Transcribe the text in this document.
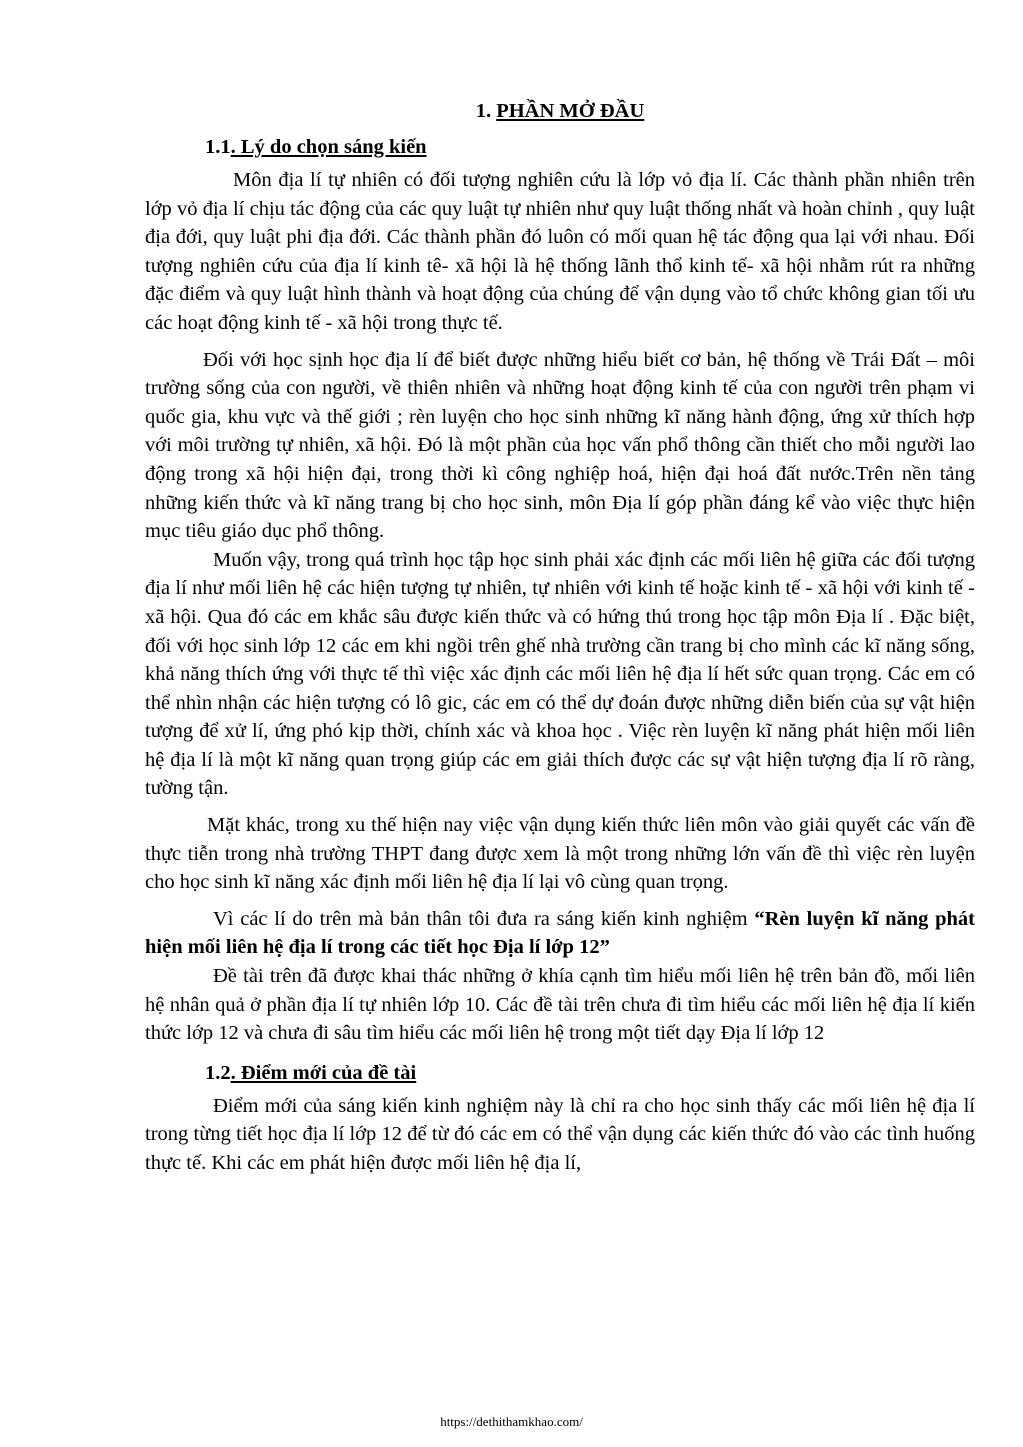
1. PHẦN MỞ ĐẦU
1.1. Lý do chọn sáng kiến

Môn địa lí tự nhiên có đối tượng nghiên cứu là lớp vỏ địa lí. Các thành phần nhiên trên lớp vỏ địa lí chịu tác động của các quy luật tự nhiên như quy luật thống nhất và hoàn chỉnh , quy luật địa đới, quy luật phi địa đới. Các thành phần đó luôn có mối quan hệ tác động qua lại với nhau. Đối tượng nghiên cứu của địa lí kinh tê- xã hội là hệ thống lãnh thổ kinh tế- xã hội nhằm rút ra những đặc điểm và quy luật hình thành và hoạt động của chúng để vận dụng vào tổ chức không gian tối ưu các hoạt động kinh tế - xã hội trong thực tế.

Đối với học sịnh học địa lí để biết được những hiểu biết cơ bản, hệ thống về Trái Đất – môi trường sống của con người, về thiên nhiên và những hoạt động kinh tế của con người trên phạm vi quốc gia, khu vực và thế giới ; rèn luyện cho học sinh những kĩ năng hành động, ứng xử thích hợp với môi trường tự nhiên, xã hội. Đó là một phần của học vấn phổ thông cần thiết cho mỗi người lao động trong xã hội hiện đại, trong thời kì công nghiệp hoá, hiện đại hoá đất nước.Trên nền tảng những kiến thức và kĩ năng trang bị cho học sinh, môn Địa lí góp phần đáng kể vào việc thực hiện mục tiêu giáo dục phổ thông.

Muốn vậy, trong quá trình học tập học sinh phải xác định các mối liên hệ giữa các đối tượng địa lí như mối liên hệ các hiện tượng tự nhiên, tự nhiên với kinh tế hoặc kinh tế - xã hội với kinh tế - xã hội. Qua đó các em khắc sâu được kiến thức và có hứng thú trong học tập môn Địa lí . Đặc biệt, đối với học sinh lớp 12 các em khi ngồi trên ghế nhà trường cần trang bị cho mình các kĩ năng sống, khả năng thích ứng với thực tế thì việc xác định các mối liên hệ địa lí hết sức quan trọng. Các em có thể nhìn nhận các hiện tượng có lô gic, các em có thể dự đoán được những diễn biến của sự vật hiện tượng để xử lí, ứng phó kịp thời, chính xác và khoa học . Việc rèn luyện kĩ năng phát hiện mối liên hệ địa lí là một kĩ năng quan trọng giúp các em giải thích được các sự vật hiện tượng địa lí rõ ràng, tường tận.

Mặt khác, trong xu thế hiện nay việc vận dụng kiến thức liên môn vào giải quyết các vấn đề thực tiễn trong nhà trường THPT đang được xem là một trong những lớn vấn đề thì việc rèn luyện cho học sinh kĩ năng xác định mối liên hệ địa lí lại vô cùng quan trọng.

Vì các lí do trên mà bản thân tôi đưa ra sáng kiến kinh nghiệm “Rèn luyện kĩ năng phát hiện mối liên hệ địa lí trong các tiết học Địa lí lớp 12”

Đề tài trên đã được khai thác những ở khía cạnh tìm hiểu mối liên hệ trên bản đồ, mối liên hệ nhân quả ở phần địa lí tự nhiên lớp 10. Các đề tài trên chưa đi tìm hiểu các mối liên hệ địa lí kiến thức lớp 12 và chưa đi sâu tìm hiểu các mối liên hệ trong một tiết dạy Địa lí lớp 12

1.2. Điểm mới của đề tài

Điểm mới của sáng kiến kinh nghiệm này là chỉ ra cho học sinh thấy các mối liên hệ địa lí trong từng tiết học địa lí lớp 12 để từ đó các em có thể vận dụng các kiến thức đó vào các tình huống thực tế. Khi các em phát hiện được mối liên hệ địa lí,

https://dethithamkhao.com/
